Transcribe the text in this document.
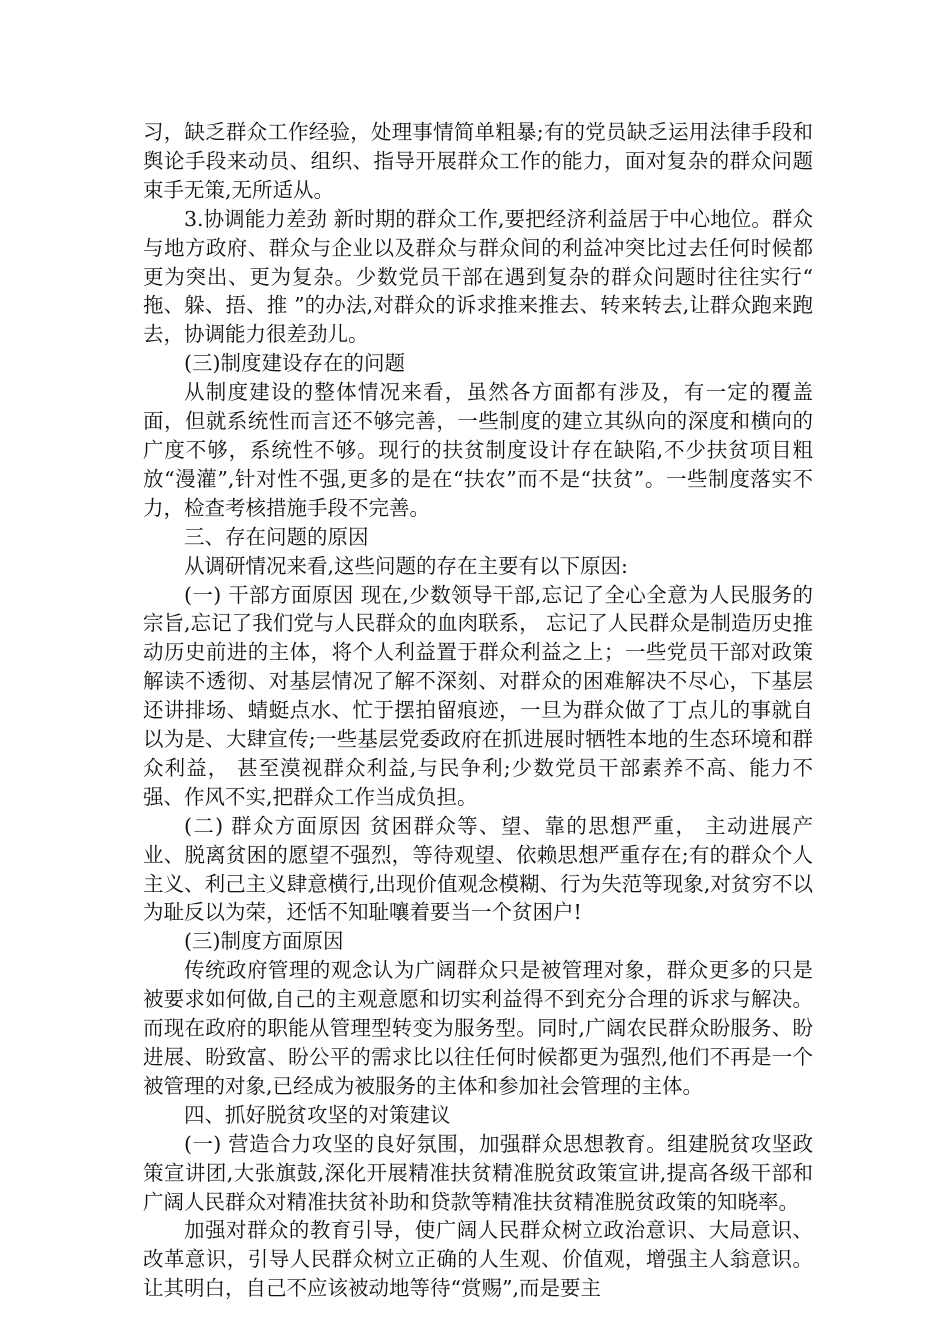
习，缺乏群众工作经验，处理事情简单粗暴;有的党员缺乏运用法律手段和舆论手段来动员、组织、指导开展群众工作的能力，面对复杂的群众问题束手无策,无所适从。

3.协调能力差劲 新时期的群众工作,要把经济利益居于中心地位。群众与地方政府、群众与企业以及群众与群众间的利益冲突比过去任何时候都更为突出、更为复杂。少数党员干部在遇到复杂的群众问题时往往实行“ 拖、躲、捂、推 ”的办法,对群众的诉求推来推去、转来转去,让群众跑来跑去，协调能力很差劲儿。

(三)制度建设存在的问题

从制度建设的整体情况来看，虽然各方面都有涉及，有一定的覆盖面，但就系统性而言还不够完善，一些制度的建立其纵向的深度和横向的广度不够，系统性不够。现行的扶贫制度设计存在缺陷,不少扶贫项目粗放“漫灌”,针对性不强,更多的是在“扶农”而不是“扶贫”。一些制度落实不力，检查考核措施手段不完善。

三、存在问题的原因

从调研情况来看,这些问题的存在主要有以下原因:

(一) 干部方面原因 现在,少数领导干部,忘记了全心全意为人民服务的宗旨,忘记了我们党与人民群众的血肉联系， 忘记了人民群众是制造历史推动历史前进的主体，将个人利益置于群众利益之上；一些党员干部对政策解读不透彻、对基层情况了解不深刻、对群众的困难解决不尽心，下基层还讲排场、蜻蜓点水、忙于摆拍留痕迹，一旦为群众做了丁点儿的事就自以为是、大肆宣传;一些基层党委政府在抓进展时牺牲本地的生态环境和群众利益， 甚至漠视群众利益,与民争利;少数党员干部素养不高、能力不强、作风不实,把群众工作当成负担。

(二) 群众方面原因 贫困群众等、望、靠的思想严重， 主动进展产业、脱离贫困的愿望不强烈，等待观望、依赖思想严重存在;有的群众个人主义、利己主义肆意横行,出现价值观念模糊、行为失范等现象,对贫穷不以为耻反以为荣，还恬不知耻嚷着要当一个贫困户!

(三)制度方面原因

传统政府管理的观念认为广阔群众只是被管理对象，群众更多的只是被要求如何做,自己的主观意愿和切实利益得不到充分合理的诉求与解决。而现在政府的职能从管理型转变为服务型。同时,广阔农民群众盼服务、盼进展、盼致富、盼公平的需求比以往任何时候都更为强烈,他们不再是一个被管理的对象,已经成为被服务的主体和参加社会管理的主体。

四、抓好脱贫攻坚的对策建议

(一) 营造合力攻坚的良好氛围，加强群众思想教育。组建脱贫攻坚政策宣讲团,大张旗鼓,深化开展精准扶贫精准脱贫政策宣讲,提高各级干部和广阔人民群众对精准扶贫补助和贷款等精准扶贫精准脱贫政策的知晓率。

加强对群众的教育引导，使广阔人民群众树立政治意识、大局意识、改革意识，引导人民群众树立正确的人生观、价值观，增强主人翁意识。让其明白，自己不应该被动地等待“赏赐”,而是要主
